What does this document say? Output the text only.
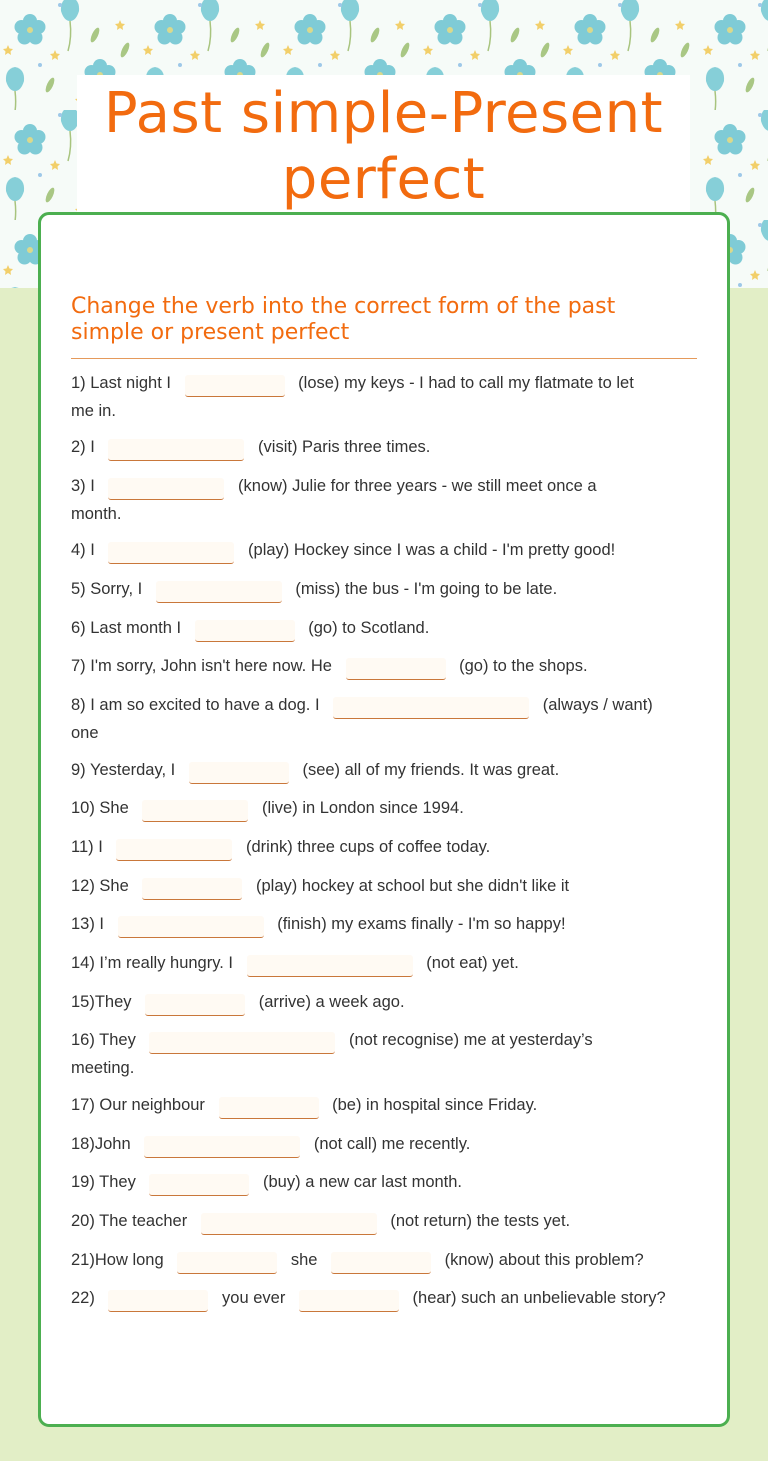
Past simple-Present
perfect
Change the verb into the correct form of the past simple or present perfect
1) Last night I	(lose) my keys - I had to call my flatmate to let
me in.
2) I	(visit) Paris three times.
3) I	(know) Julie for three years - we still meet once a
month.
4) I	(play) Hockey since I was a child - I'm pretty good!
5) Sorry, I	(miss) the bus - I'm going to be late.
6) Last month I	(go) to Scotland.
7) I'm sorry, John isn't here now. He	(go) to the shops.
8) I am so excited to have a dog. I	(always / want)
one
9) Yesterday, I	(see) all of my friends. It was great.
10) She	(live) in London since 1994.
11) I	(drink) three cups of coffee today.
12) She	(play) hockey at school but she didn't like it
13) I	(finish) my exams finally - I'm so happy!
14) I’m really hungry. I	(not eat) yet.
15)They	(arrive) a week ago.
16) They	(not recognise) me at yesterday’s
meeting.
17) Our neighbour	(be) in hospital since Friday.
18)John	(not call) me recently.
19) They	(buy) a new car last month.
20) The teacher	(not return) the tests yet.
21)How long	she	(know) about this problem?
22)	you ever	(hear) such an unbelievable story?
